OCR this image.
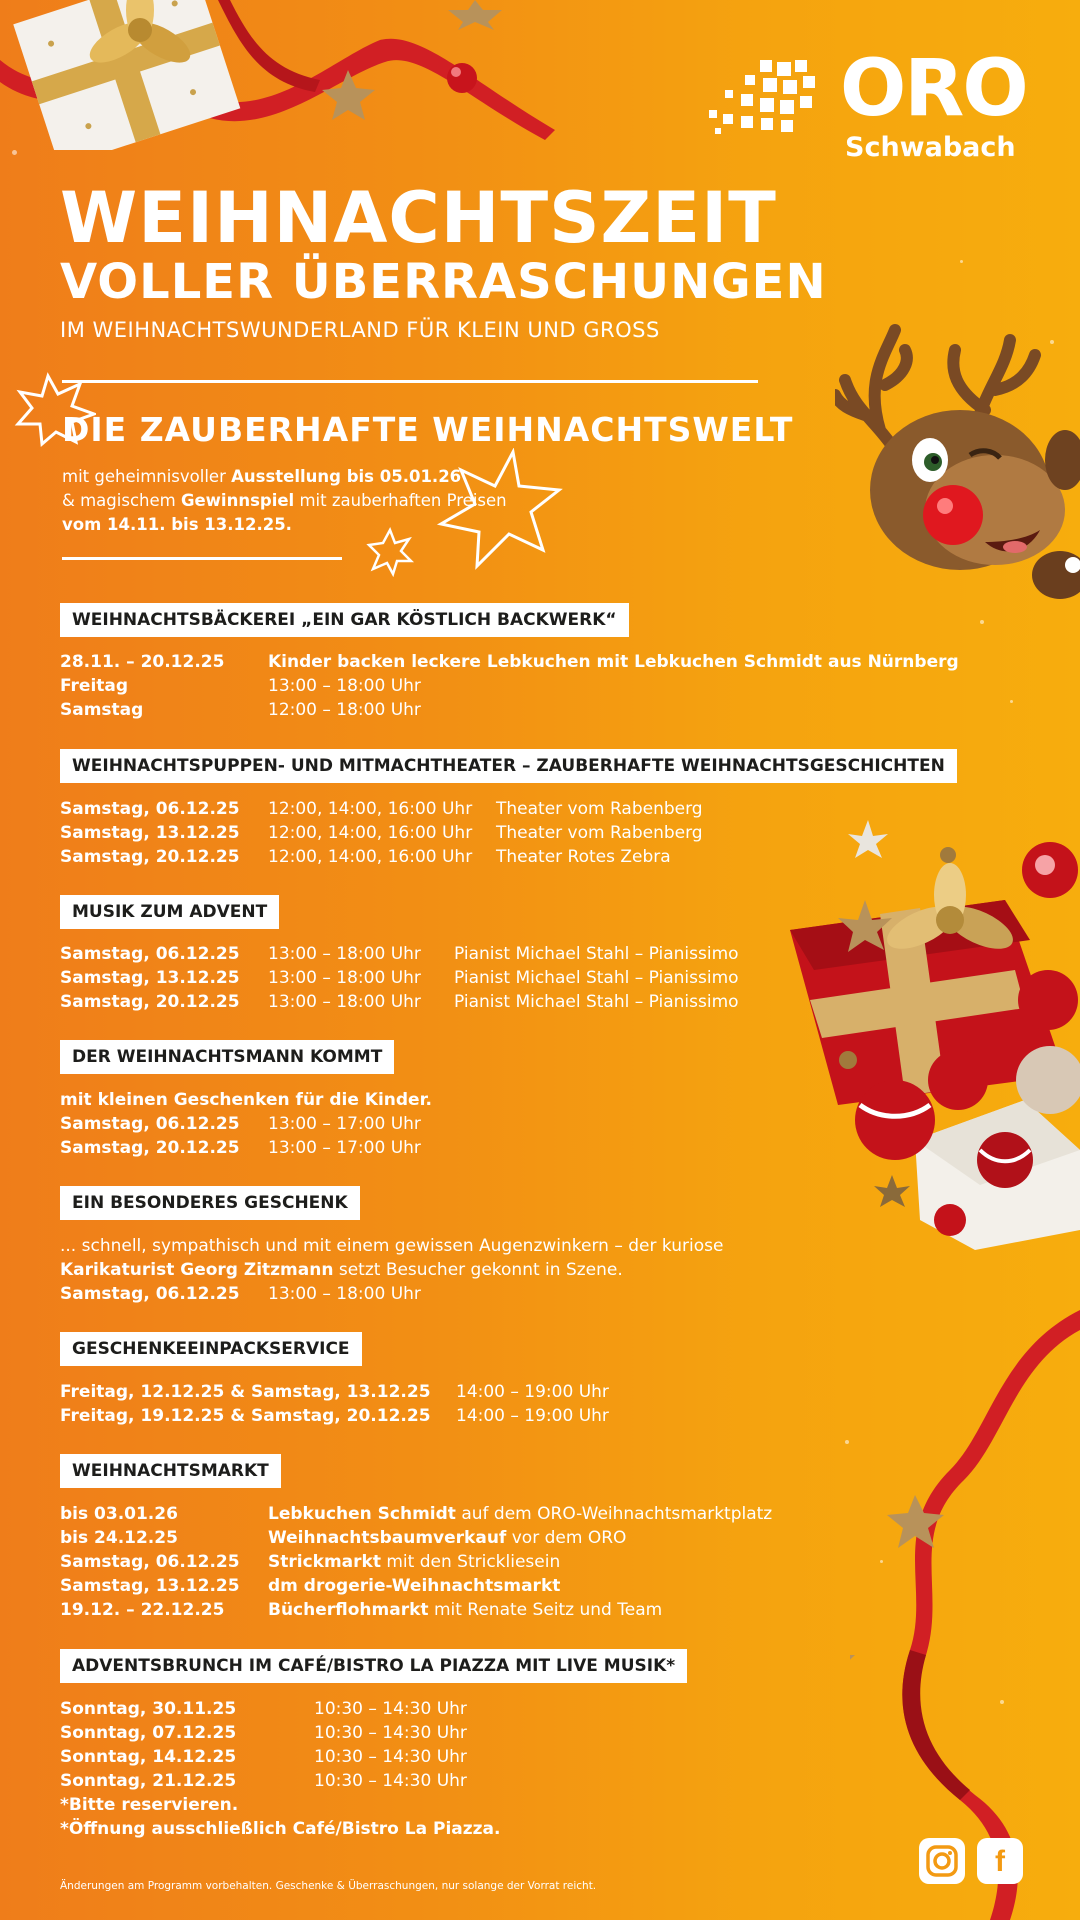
ORO
Schwabach
WEIHNACHTSZEIT
VOLLER ÜBERRASCHUNGEN
IM WEIHNACHTSWUNDERLAND FÜR KLEIN UND GROSS
DIE ZAUBERHAFTE WEIHNACHTSWELT
mit geheimnisvoller Ausstellung bis 05.01.26
& magischem Gewinnspiel mit zauberhaften Preisen
vom 14.11. bis 13.12.25.
WEIHNACHTSBÄCKEREI „EIN GAR KÖSTLICH BACKWERK“
28.11. – 20.12.25	Kinder backen leckere Lebkuchen mit Lebkuchen Schmidt aus Nürnberg
Freitag	13:00 – 18:00 Uhr
Samstag	12:00 – 18:00 Uhr
WEIHNACHTSPUPPEN- UND MITMACHTHEATER – ZAUBERHAFTE WEIHNACHTSGESCHICHTEN
Samstag, 06.12.25 12:00, 14:00, 16:00 Uhr Theater vom Rabenberg
Samstag, 13.12.25 12:00, 14:00, 16:00 Uhr Theater vom Rabenberg
Samstag, 20.12.25 12:00, 14:00, 16:00 Uhr Theater Rotes Zebra
MUSIK ZUM ADVENT
Samstag, 06.12.25 13:00 – 18:00 Uhr Pianist Michael Stahl – Pianissimo
Samstag, 13.12.25 13:00 – 18:00 Uhr Pianist Michael Stahl – Pianissimo
Samstag, 20.12.25 13:00 – 18:00 Uhr Pianist Michael Stahl – Pianissimo
DER WEIHNACHTSMANN KOMMT
mit kleinen Geschenken für die Kinder.
Samstag, 06.12.25 13:00 – 17:00 Uhr
Samstag, 20.12.25 13:00 – 17:00 Uhr
EIN BESONDERES GESCHENK
... schnell, sympathisch und mit einem gewissen Augenzwinkern – der kuriose
Karikaturist Georg Zitzmann setzt Besucher gekonnt in Szene.
Samstag, 06.12.25 13:00 – 18:00 Uhr
GESCHENKEEINPACKSERVICE
Freitag, 12.12.25 & Samstag, 13.12.25 14:00 – 19:00 Uhr
Freitag, 19.12.25 & Samstag, 20.12.25 14:00 – 19:00 Uhr
WEIHNACHTSMARKT
bis 03.01.26	Lebkuchen Schmidt auf dem ORO-Weihnachtsmarktplatz
bis 24.12.25	Weihnachtsbaumverkauf vor dem ORO
Samstag, 06.12.25 Strickmarkt mit den Strickliesein
Samstag, 13.12.25 dm drogerie-Weihnachtsmarkt
19.12. – 22.12.25	Bücherflohmarkt mit Renate Seitz und Team
ADVENTSBRUNCH IM CAFÉ/BISTRO LA PIAZZA MIT LIVE MUSIK*
Sonntag, 30.11.25	10:30 – 14:30 Uhr
Sonntag, 07.12.25	10:30 – 14:30 Uhr
Sonntag, 14.12.25	10:30 – 14:30 Uhr
Sonntag, 21.12.25	10:30 – 14:30 Uhr
*Bitte reservieren.
*Öffnung ausschließlich Café/Bistro La Piazza.
f
Änderungen am Programm vorbehalten. Geschenke & Überraschungen, nur solange der Vorrat reicht.
